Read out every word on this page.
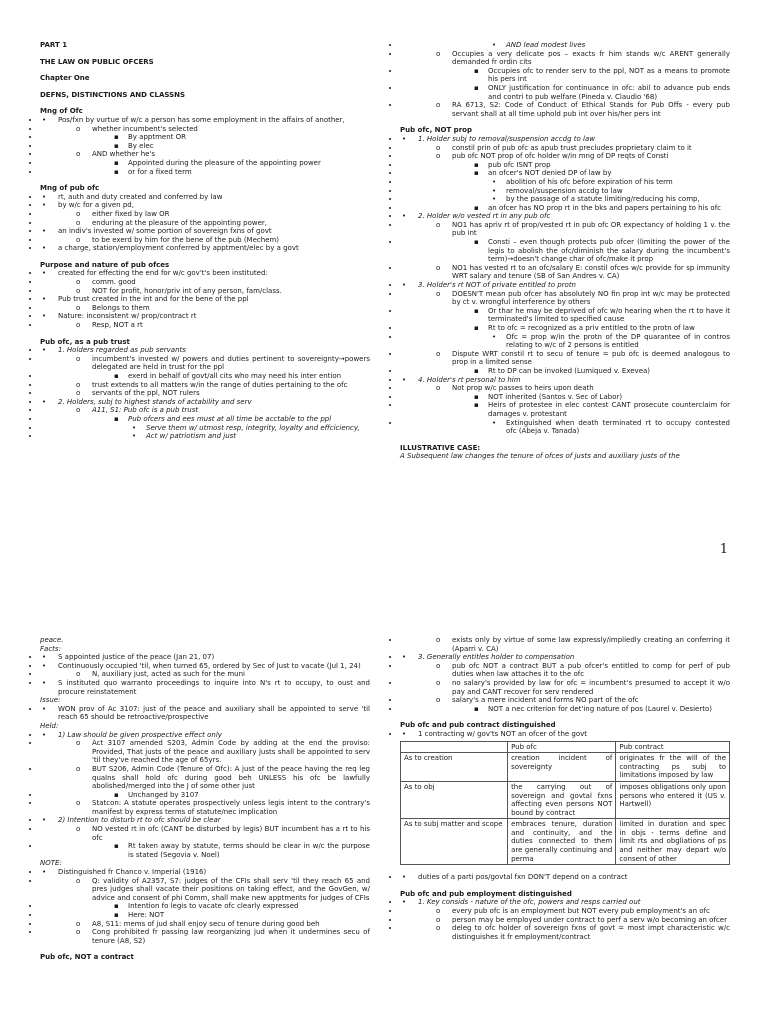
PART 1

THE LAW ON PUBLIC OFCERS

Chapter One

DEFNS, DISTINCTIONS AND CLASSNS

Mng of Ofc

• • Pos/fxn by vurtue of w/c a person has some employment in the affairs of another,
• o whether incumbent's selected
• ▪ By apptment OR
• ▪ By elec
• o AND whether he's
• ▪ Appointed during the pleasure of the appointing power
• ▪ or for a fixed term

Mng of pub ofc

• • rt, auth and duty created and conferred by law
• • by w/c for a given pd,
• o either fixed by law OR
• o enduring at the pleasure of the appointing power,
• • an indiv's invested w/ some portion of sovereign fxns of govt
• o to be exerd by him for the bene of the pub (Mechem)
• • a charge, station/employment conferred by apptment/elec by a govt

Purpose and nature of pub ofces

• • created for effecting the end for w/c gov't's been instituted:
• o comm. good
• o NOT for profit, honor/priv int of any person, fam/class.
• • Pub trust created in the int and for the bene of the ppl
• o Belongs to them
• • Nature: inconsistent w/ prop/contract rt
• o Resp, NOT a rt

Pub ofc, as a pub trust

• • 1. Holders regarded as pub servants
• o incumbent's invested w/ powers and duties pertinent to sovereignty→powers delegated are held in trust for the ppl
• ▪ exerd in behalf of govt/all cits who may need his inter ention
• o trust extends to all matters w/in the range of duties pertaining to the ofc
• o servants of the ppl, NOT rulers
• • 2. Holders, subj to highest stands of actability and serv
• o A11, S1: Pub ofc is a pub trust
• ▪ Pub ofcers and ees must at all time be acctable to the ppl
• • Serve them w/ utmost resp, integrity, loyalty and effciciency,
• • Act w/ patriotism and just
• • AND lead modest lives
• o Occupies a very delicate pos – exacts fr him stands w/c ARENT generally demanded fr ordin cits
• ▪ Occupies ofc to render serv to the ppl, NOT as a means to promote his pers int
• ▪ ONLY justification for continuance in ofc: abil to advance pub ends and contri to pub welfare (Pineda v. Claudio '68)
• o RA 6713, S2: Code of Conduct of Ethical Stands for Pub Offs - every pub servant shall at all time uphold pub int over his/her pers int

Pub ofc, NOT prop

• • 1. Holder subj to removal/suspension accdg to law
• o constil prin of pub ofc as apub trust precludes proprietary claim to it
• o pub ofc NOT prop of ofc holder w/in mng of DP reqts of Consti
• ▪ pub ofc ISNT prop
• ▪ an ofcer's NOT denied DP of law by
• • abolition of his ofc before expiration of his term
• • removal/suspension accdg to law
• • by the passage of a statute limiting/reducing his comp,
• ▪ an ofcer has NO prop rt in the bks and papers pertaining to his ofc
• • 2. Holder w/o vested rt in any pub ofc
• o NO1 has apriv rt of prop/vested rt in pub ofc OR expectancy of holding 1 v. the pub int
• ▪ Consti – even though protects pub ofcer (limiting the power of the legis to abolish the ofc/diminish the salary during the incumbent's term)→doesn't change char of ofc/make it prop
• o NO1 has vested rt to an ofc/salary E: constil ofces w/c provide for sp immunity WRT salary and tenure (SB of San Andres v. CA)
• • 3. Holder's rt NOT of private entitled to protn
• o DOESN'T mean pub ofcer has absolutely NO fin prop int w/c may be protected by ct v. wrongful interference by others
• ▪ Or thar he may be deprived of ofc w/o hearing when the rt to have it terminated's limited to specified cause
• ▪ Rt to ofc = recognized as a priv entitled to the protn of law
• • Ofc = prop w/in the protn of the DP quarantee of in contros relating to w/c of 2 persons is entitled
• o Dispute WRT constil rt to secu of tenure = pub ofc is deemed analogous to prop in a limited sense
• ▪ Rt to DP can be invoked (Lumiqued v. Exevea)
• • 4. Holder's rt personal to him
• o Not prop w/c passes to heirs upon death
• ▪ NOT inherited (Santos v. Sec of Labor)
• ▪ Heirs of protestee in elec contest CANT prosecute counterclaim for damages v. protestant
• • Extinguished when death terminated rt to occupy contested ofc (Abeja v. Tanada)

ILLUSTRATIVE CASE:

A Subsequent law changes the tenure of ofces of justs and auxiliary justs of the

1

peace.

Facts:

• • S appointed justice of the peace (Jan 21, 07)
• • Continuously occupied 'til, when turned 65, ordered by Sec of Just to vacate (Jul 1, 24)
• o N, auxiliary just, acted as such for the muni
• • S instituted quo warranto proceedings to inquire into N's rt to occupy, to oust and procure reinstatement

Issue:

• • WON prov of Ac 3107: just of the peace and auxiliary shall be appointed to serve 'til reach 65 should be retroactive/prospective

Held:

• • 1) Law should be given prospective effect only
• o Act 3107 amended S203, Admin Code by adding at the end the proviso: Provided, That justs of the peace and auxiliary justs shall be appointed to serv 'til they've reached the age of 65yrs.
• o BUT S206, Admin Code (Tenure of Ofc): A just of the peace having the req leg qualns shall hold ofc during good beh UNLESS his ofc be lawfully abolished/merged into the J of some other just
• ▪ Unchanged by 3107
• o Statcon: A statute operates prospectively unless legis intent to the contrary's manifest by express terms of statute/nec implication
• • 2) Intention to disturb rt to ofc should be clear
• o NO vested rt in ofc (CANT be disturbed by legis) BUT incumbent has a rt to his ofc
• ▪ Rt taken away by statute, terms should be clear in w/c the purpose is stated (Segovia v. Noel)

NOTE:

• • Distinguished fr Chanco v. Imperial (1916)
• o Q: validity of A2357, S7: judges of the CFIs shall serv 'til they reach 65 and pres judges shall vacate their positions on taking effect, and the GovGen, w/ advice and consent of phi Comm, shall make new apptments for judges of CFIs
• ▪ Intention fo legis to vacate ofc clearly expressed
• ▪ Here: NOT
• o A8, S11: mems of jud shall enjoy secu of tenure during good beh
• o Cong prohibited fr passing law reorganizing jud when it undermines secu of tenure (A8, S2)

Pub ofc, NOT a contract

• o exists only by virtue of some law expressly/impliedly creating an conferring it (Aparri v. CA)
• • 3. Generally entitles holder to compensation
• o pub ofc NOT a contract BUT a pub ofcer's entitled to comp for perf of pub duties when law attaches it to the ofc
• o no salary's provided by law for ofc = incumbent's presumed to accept it w/o pay and CANT recover for serv rendered
• o salary's a mere incident and forms NO part of the ofc
• ▪ NOT a nec criterion for det'ing nature of pos (Laurel v. Desierto)

Pub ofc and pub contract distinguished

• • 1 contracting w/ gov'ts NOT an ofcer of the govt
	Pub ofc	Pub contract
As to creation	creation incident of sovereignty	originates fr the will of the contracting ps subj to limitations imposed by law
As to obj	the carrying out of sovereign and govtal fxns affecting even persons NOT bound by contract	imposes obligations only upon persons who entered it (US v. Hartwell)
As to subj matter and scope	embraces tenure, duration and continuity, and the duties connected to them are generally continuing and perma	limited in duration and spec in objs - terms define and limit rts and obgliations of ps and neither may depart w/o consent of other
• • duties of a parti pos/govtal fxn DON'T depend on a contract

Pub ofc and pub employment distinguished

• • 1. Key consids - nature of the ofc, powers and resps carried out
• o every pub ofc is an employment but NOT every pub employment's an ofc
• o person may be employed under contract to perf a serv w/o becoming an ofcer
• o deleg to ofc holder of sovereign fxns of govt = most impt characteristic w/c distinguishes it fr employment/contract
